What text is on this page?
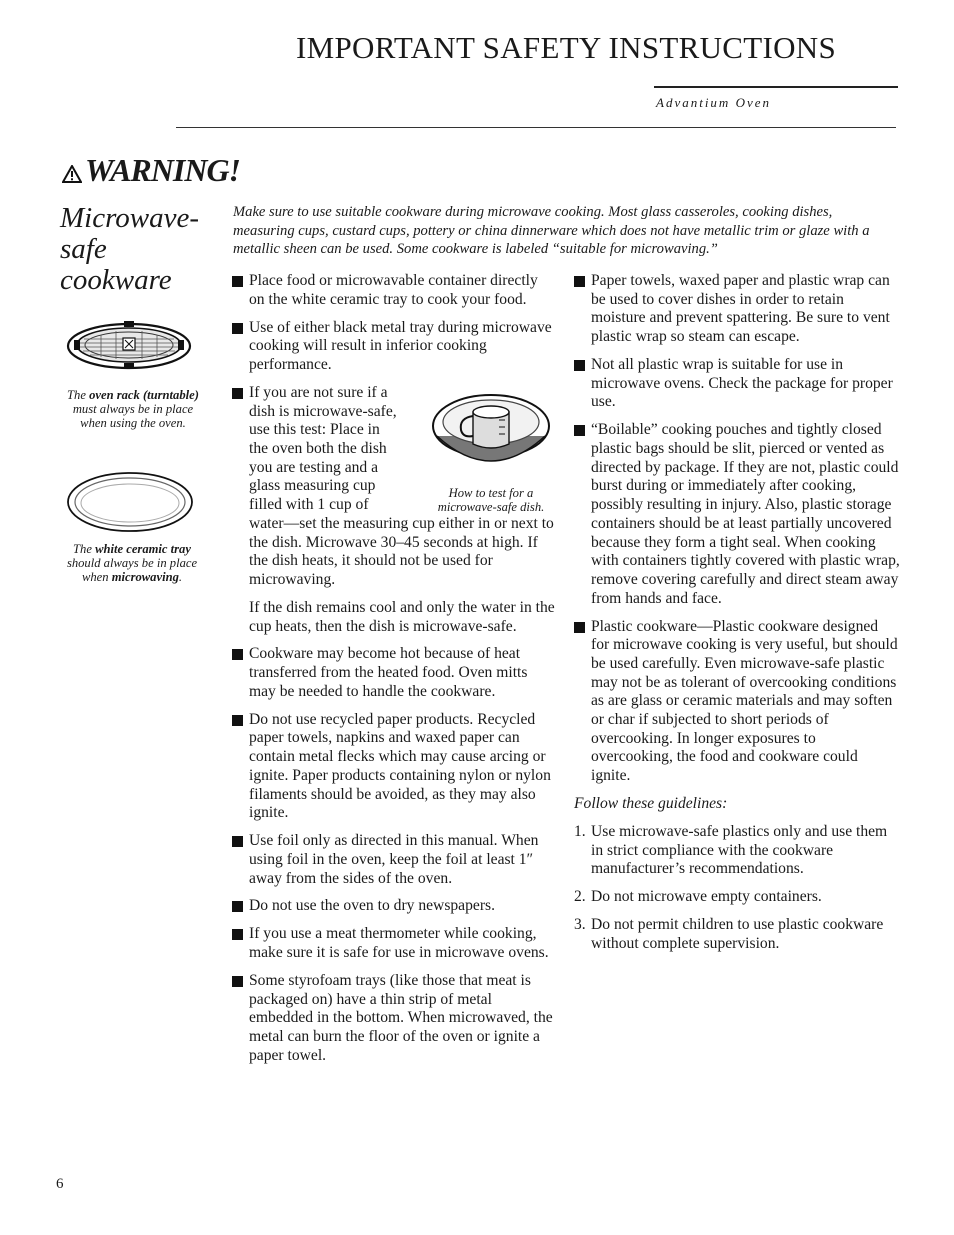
IMPORTANT SAFETY INSTRUCTIONS
Advantium Oven
WARNING!
Microwave-
safe
cookware
Make sure to use suitable cookware during microwave cooking. Most glass casseroles, cooking dishes, measuring cups, custard cups, pottery or china dinnerware which does not have metallic trim or glaze with a metallic sheen can be used. Some cookware is labeled “suitable for microwaving.”
The oven rack (turntable) must always be in place when using the oven.
The white ceramic tray should always be in place when microwaving.
Place food or microwavable container directly on the white ceramic tray to cook your food.
Use of either black metal tray during microwave cooking will result in inferior cooking performance.
How to test for a microwave-safe dish.
If you are not sure if a dish is microwave-safe, use this test: Place in the oven both the dish you are testing and a glass measuring cup filled with 1 cup of water—set the measuring cup either in or next to the dish. Microwave 30–45 seconds at high. If the dish heats, it should not be used for microwaving.
If the dish remains cool and only the water in the cup heats, then the dish is microwave-safe.
Cookware may become hot because of heat transferred from the heated food. Oven mitts may be needed to handle the cookware.
Do not use recycled paper products. Recycled paper towels, napkins and waxed paper can contain metal flecks which may cause arcing or ignite. Paper products containing nylon or nylon filaments should be avoided, as they may also ignite.
Use foil only as directed in this manual. When using foil in the oven, keep the foil at least 1″ away from the sides of the oven.
Do not use the oven to dry newspapers.
If you use a meat thermometer while cooking, make sure it is safe for use in microwave ovens.
Some styrofoam trays (like those that meat is packaged on) have a thin strip of metal embedded in the bottom. When microwaved, the metal can burn the floor of the oven or ignite a paper towel.
Paper towels, waxed paper and plastic wrap can be used to cover dishes in order to retain moisture and prevent spattering. Be sure to vent plastic wrap so steam can escape.
Not all plastic wrap is suitable for use in microwave ovens. Check the package for proper use.
“Boilable” cooking pouches and tightly closed plastic bags should be slit, pierced or vented as directed by package. If they are not, plastic could burst during or immediately after cooking, possibly resulting in injury. Also, plastic storage containers should be at least partially uncovered because they form a tight seal. When cooking with containers tightly covered with plastic wrap, remove covering carefully and direct steam away from hands and face.
Plastic cookware—Plastic cookware designed for microwave cooking is very useful, but should be used carefully. Even microwave-safe plastic may not be as tolerant of overcooking conditions as are glass or ceramic materials and may soften or char if subjected to short periods of overcooking. In longer exposures to overcooking, the food and cookware could ignite.
Follow these guidelines:
1. Use microwave-safe plastics only and use them in strict compliance with the cookware manufacturer’s recommendations.
2. Do not microwave empty containers.
3. Do not permit children to use plastic cookware without complete supervision.
6
